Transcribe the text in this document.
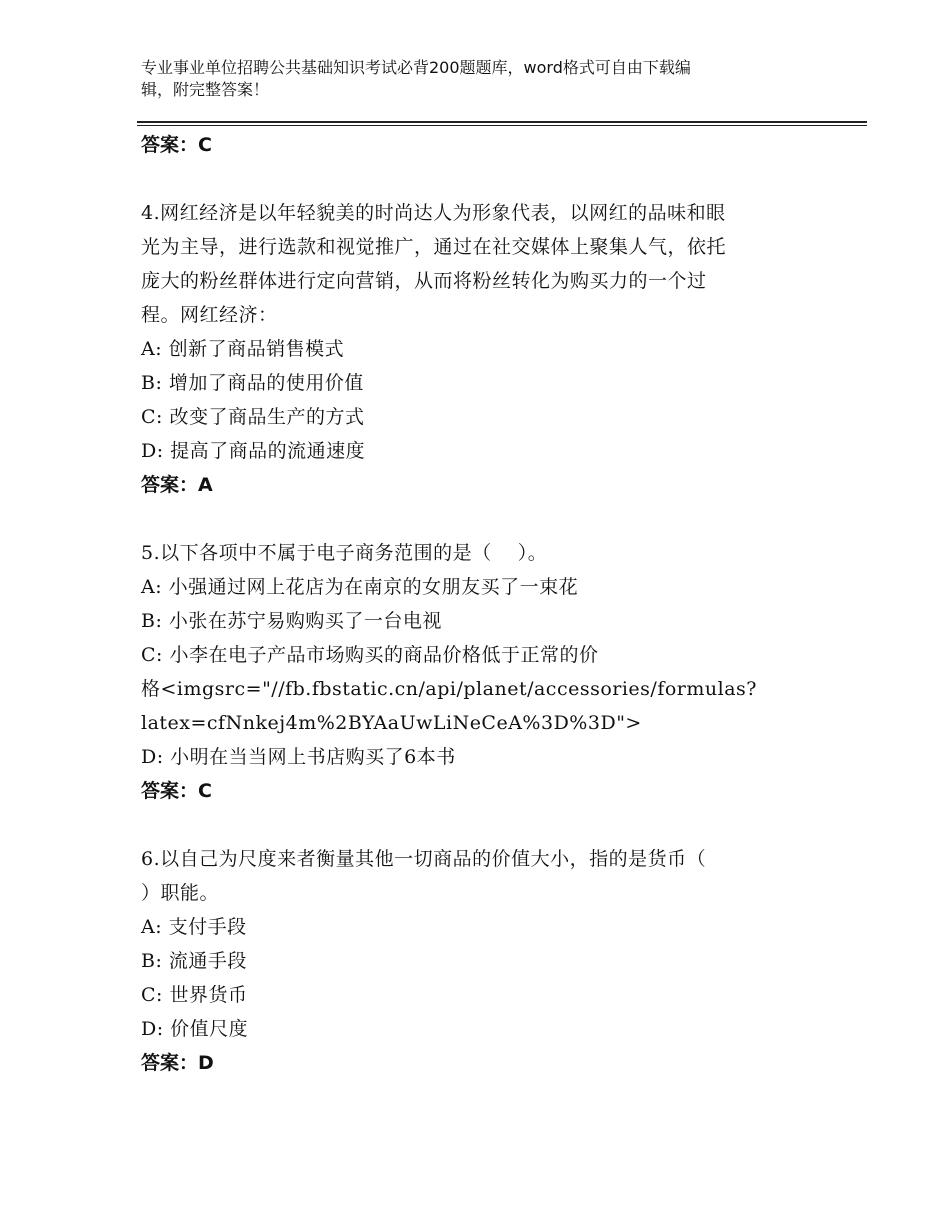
专业事业单位招聘公共基础知识考试必背200题题库，word格式可自由下载编
辑，附完整答案！
答案：C
4.网红经济是以年轻貌美的时尚达人为形象代表，以网红的品味和眼
光为主导，进行选款和视觉推广，通过在社交媒体上聚集人气，依托
庞大的粉丝群体进行定向营销，从而将粉丝转化为购买力的一个过
程。网红经济：
A: 创新了商品销售模式
B: 增加了商品的使用价值
C: 改变了商品生产的方式
D: 提高了商品的流通速度
答案：A
5.以下各项中不属于电子商务范围的是（    ）。
A: 小强通过网上花店为在南京的女朋友买了一束花
B: 小张在苏宁易购购买了一台电视
C: 小李在电子产品市场购买的商品价格低于正常的价
格<imgsrc="//fb.fbstatic.cn/api/planet/accessories/formulas?
latex=cfNnkej4m%2BYAaUwLiNeCeA%3D%3D">
D: 小明在当当网上书店购买了6本书
答案：C
6.以自己为尺度来者衡量其他一切商品的价值大小，指的是货币（
）职能。
A: 支付手段
B: 流通手段
C: 世界货币
D: 价值尺度
答案：D
